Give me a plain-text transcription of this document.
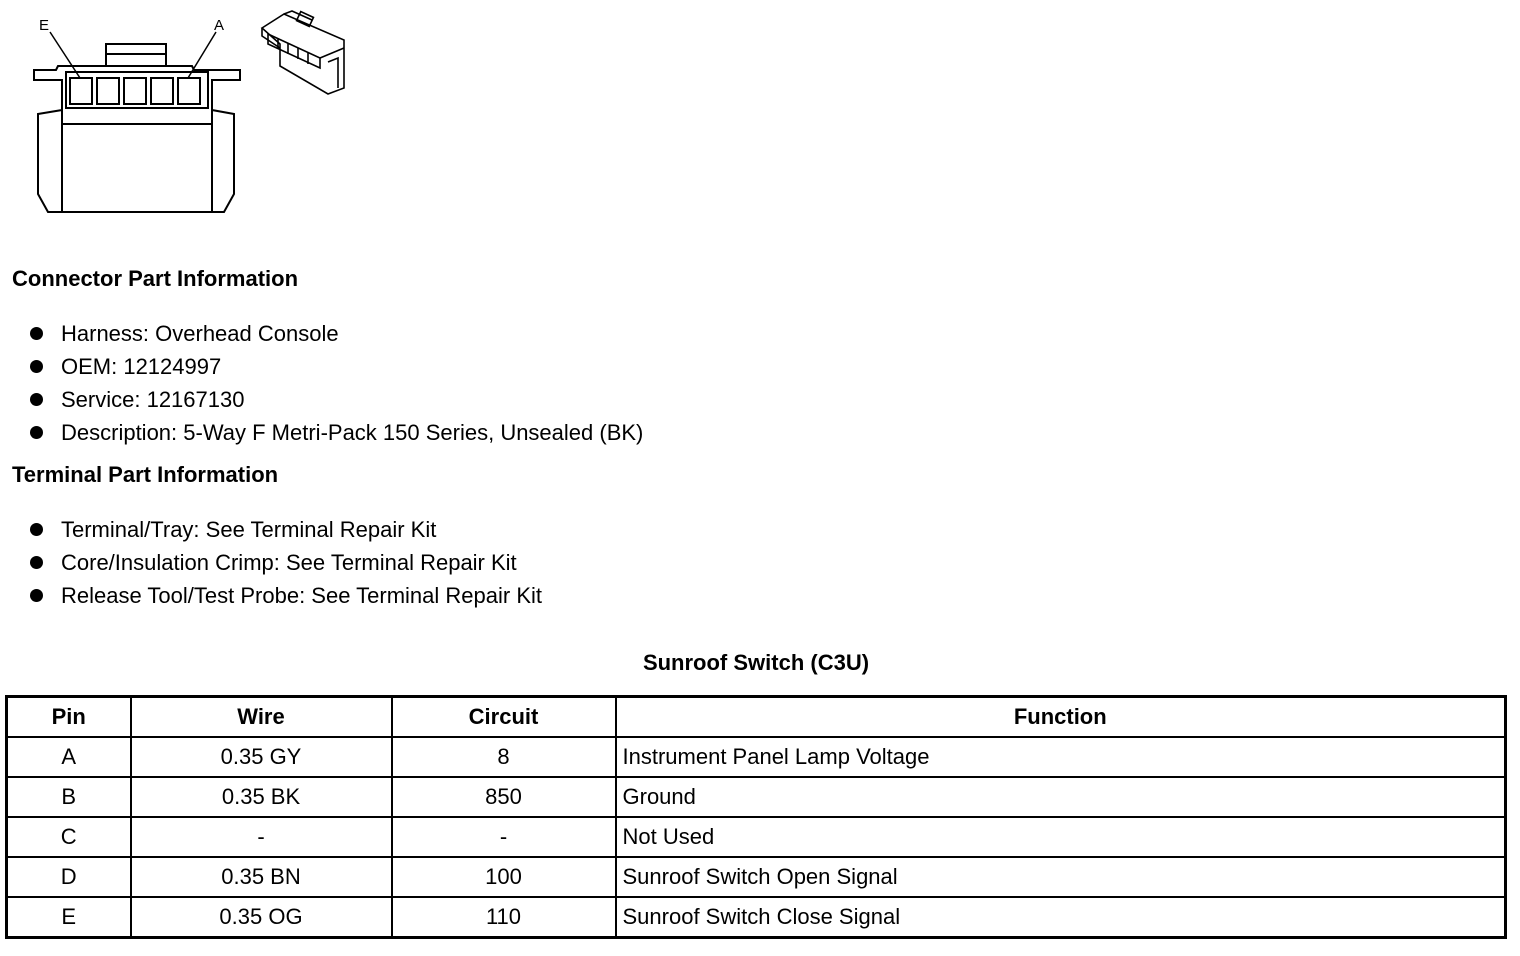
E	A
Connector Part Information
Harness: Overhead Console
OEM: 12124997
Service: 12167130
Description: 5-Way F Metri-Pack 150 Series, Unsealed (BK)
Terminal Part Information
Terminal/Tray: See Terminal Repair Kit
Core/Insulation Crimp: See Terminal Repair Kit
Release Tool/Test Probe: See Terminal Repair Kit
Sunroof Switch (C3U)
Pin	Wire	Circuit	Function
A	0.35 GY	8	Instrument Panel Lamp Voltage
B	0.35 BK	850	Ground
C	-	-	Not Used
D	0.35 BN	100	Sunroof Switch Open Signal
E	0.35 OG	110	Sunroof Switch Close Signal
